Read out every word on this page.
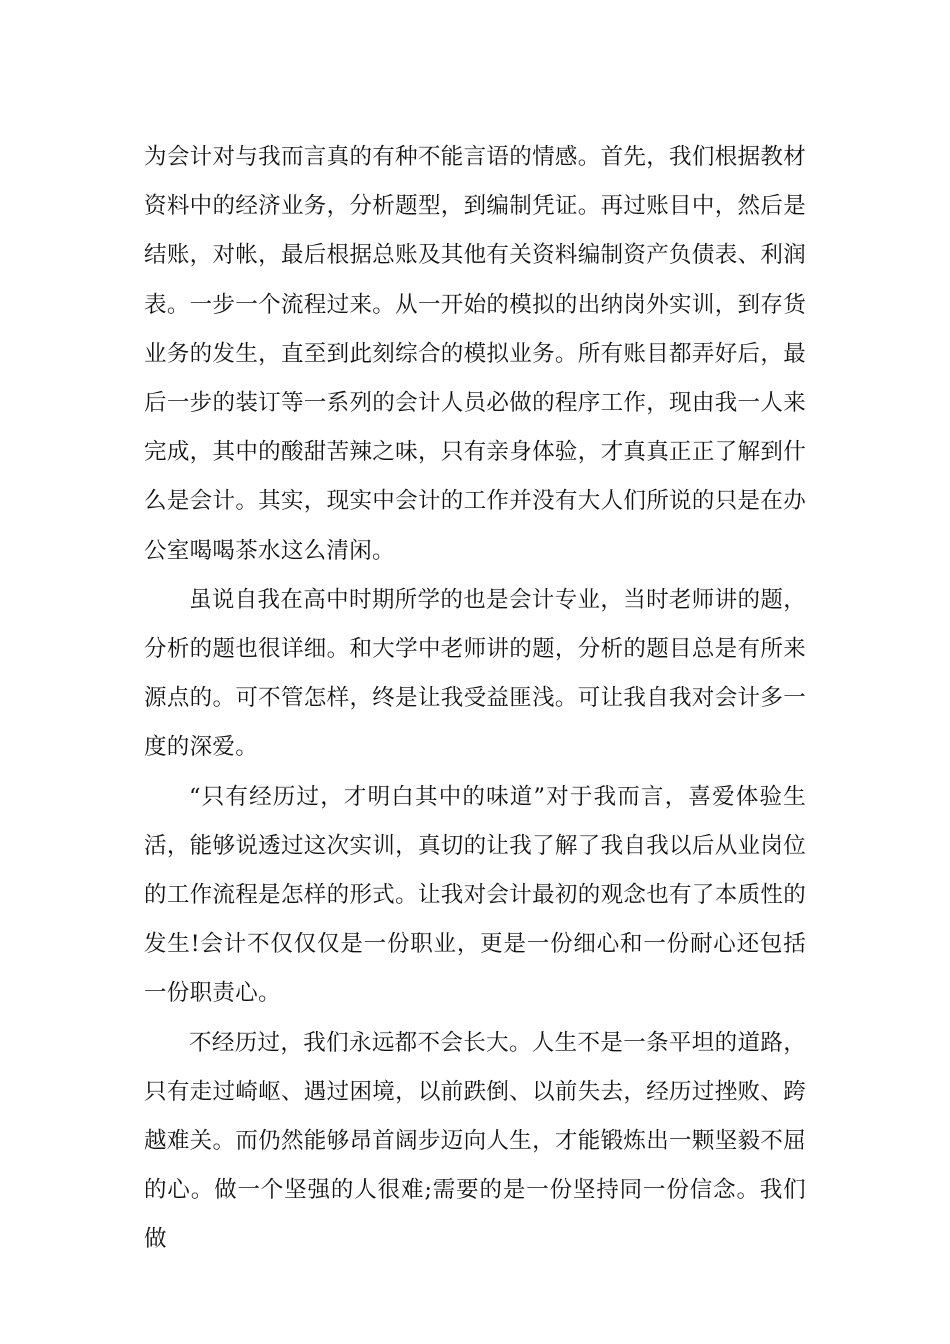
为会计对与我而言真的有种不能言语的情感。首先，我们根据教材资料中的经济业务，分析题型，到编制凭证。再过账目中，然后是结账，对帐，最后根据总账及其他有关资料编制资产负债表、利润表。一步一个流程过来。从一开始的模拟的出纳岗外实训，到存货业务的发生，直至到此刻综合的模拟业务。所有账目都弄好后，最后一步的装订等一系列的会计人员必做的程序工作，现由我一人来完成，其中的酸甜苦辣之味，只有亲身体验，才真真正正了解到什么是会计。其实，现实中会计的工作并没有大人们所说的只是在办公室喝喝茶水这么清闲。

虽说自我在高中时期所学的也是会计专业，当时老师讲的题，分析的题也很详细。和大学中老师讲的题，分析的题目总是有所来源点的。可不管怎样，终是让我受益匪浅。可让我自我对会计多一度的深爱。

“只有经历过，才明白其中的味道”对于我而言，喜爱体验生活，能够说透过这次实训，真切的让我了解了我自我以后从业岗位的工作流程是怎样的形式。让我对会计最初的观念也有了本质性的发生!会计不仅仅仅是一份职业，更是一份细心和一份耐心还包括一份职责心。

不经历过，我们永远都不会长大。人生不是一条平坦的道路，只有走过崎岖、遇过困境，以前跌倒、以前失去，经历过挫败、跨越难关。而仍然能够昂首阔步迈向人生，才能锻炼出一颗坚毅不屈的心。做一个坚强的人很难;需要的是一份坚持同一份信念。我们做
